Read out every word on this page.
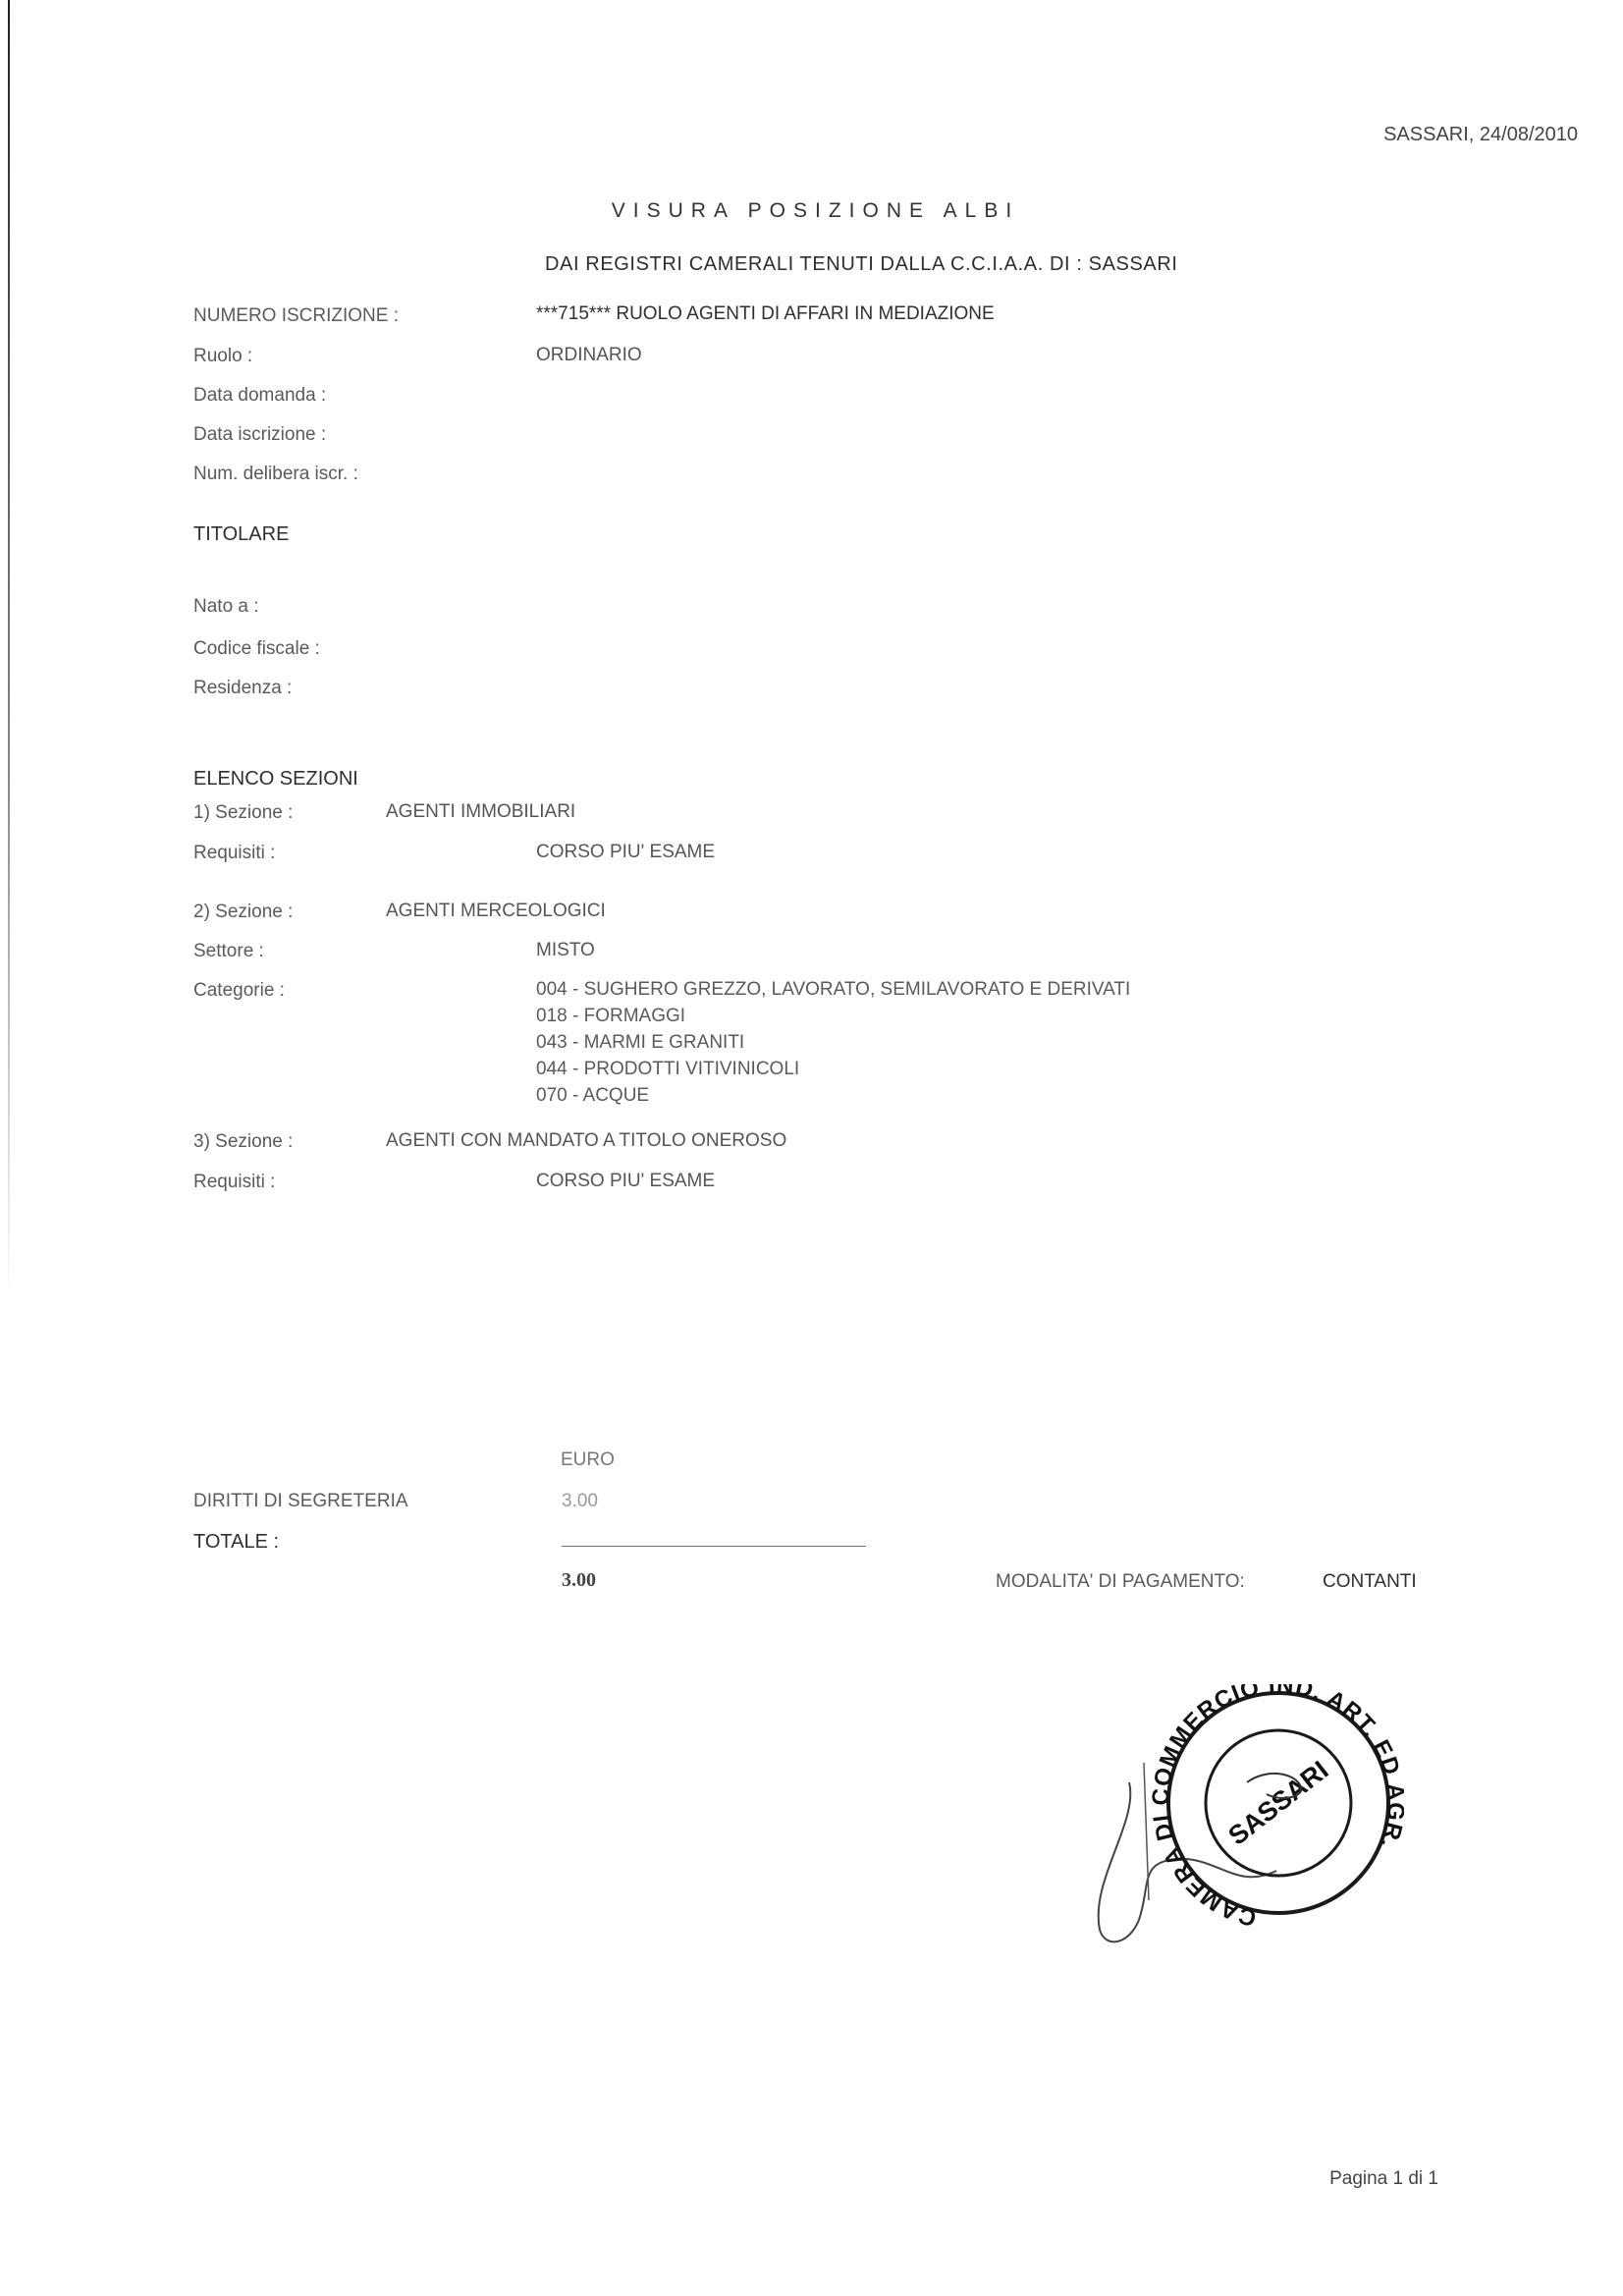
SASSARI, 24/08/2010
VISURA POSIZIONE ALBI
DAI REGISTRI CAMERALI TENUTI DALLA C.C.I.A.A. DI : SASSARI
NUMERO ISCRIZIONE :	***715*** RUOLO AGENTI DI AFFARI IN MEDIAZIONE
Ruolo :	ORDINARIO
Data domanda :
Data iscrizione :
Num. delibera iscr. :
TITOLARE
Nato a :
Codice fiscale :
Residenza :
ELENCO SEZIONI
1) Sezione :	AGENTI IMMOBILIARI
Requisiti :	CORSO PIU' ESAME
2) Sezione :	AGENTI MERCEOLOGICI
Settore :	MISTO
Categorie :	004 - SUGHERO GREZZO, LAVORATO, SEMILAVORATO E DERIVATI
018 - FORMAGGI
043 - MARMI E GRANITI
044 - PRODOTTI VITIVINICOLI
070 - ACQUE
3) Sezione :	AGENTI CON MANDATO A TITOLO ONEROSO
Requisiti :	CORSO PIU' ESAME
EURO
DIRITTI DI SEGRETERIA	3.00
TOTALE :
3.00	MODALITA' DI PAGAMENTO:	CONTANTI
CAMERA DI COMMERCIO IND. ART. ED .
SASSARI
Pagina 1 di 1
